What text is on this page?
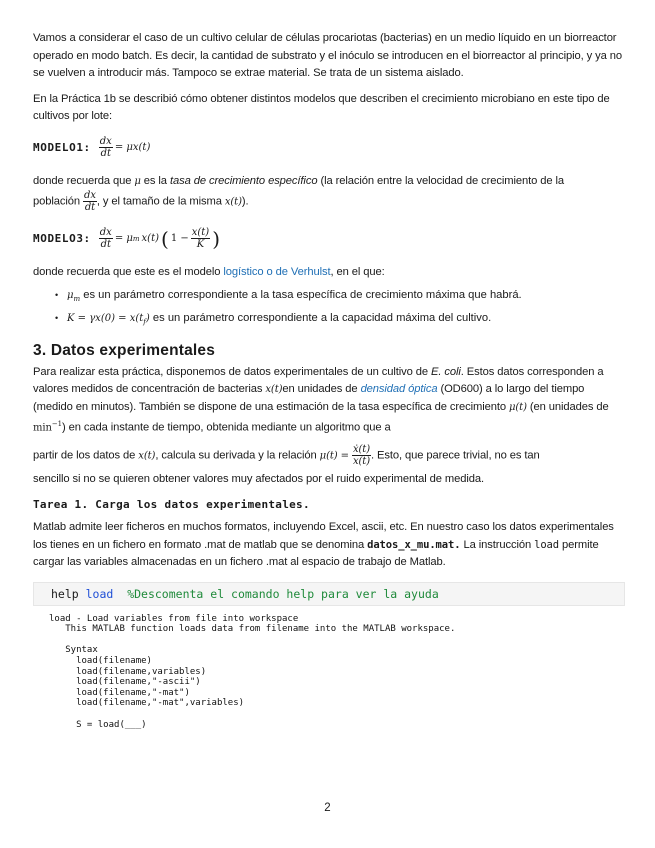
Vamos a considerar el caso de un cultivo celular de células procariotas (bacterias) en un medio líquido en un biorreactor operado en modo batch. Es decir, la cantidad de substrato y el inóculo se introducen en el biorreactor al principio, y ya no se vuelven a introducir más. Tampoco se extrae material. Se trata de un sistema aislado.

En la Práctica 1b se describió cómo obtener distintos modelos que describen el crecimiento microbiano en este tipo de cultivos por lote:

MODELO1: $\frac{dx}{dt} = \mu x(t)$

donde recuerda que μ es la tasa de crecimiento específico (la relación entre la velocidad de crecimiento de la
población $\frac{dx}{dt}$ , y el tamaño de la misma x(t)).

MODELO3: $\frac{dx}{dt} = \mu$ m x(t) ( $1 - \frac{x(t)}{K}$ )

donde recuerda que este es el modelo logístico o de Verhulst, en el que:

• $\mu_m$ es un parámetro correspondiente a la tasa específica de crecimiento máxima que habrá.
• $K = \gamma x(0) = x(t_f)$ es un parámetro correspondiente a la capacidad máxima del cultivo.
3. Datos experimentales

Para realizar esta práctica, disponemos de datos experimentales de un cultivo de E. coli. Estos datos corresponden a valores medidos de concentración de bacterias x(t)en unidades de densidad óptica (OD600) a lo largo del tiempo (medido en minutos). También se dispone de una estimación de la tasa específica de crecimiento μ(t) (en unidades de $\min^{-1}$) en cada instante de tiempo, obtenida mediante un algoritmo que a

partir de los datos de x(t), calcula su derivada y la relación $\mu(t) = \frac{\text{ẋ(t)}}{x(t)}$ . Esto, que parece trivial, no es tan

sencillo si no se quieren obtener valores muy afectados por el ruido experimental de medida.

Tarea 1. Carga los datos experimentales.

Matlab admite leer ficheros en muchos formatos, incluyendo Excel, ascii, etc. En nuestro caso los datos experimentales los tienes en un fichero en formato .mat de matlab que se denomina datos_x_mu.mat. La instrucción load permite cargar las variables almacenadas en un fichero .mat al espacio de trabajo de Matlab.

help load
%Descomenta el comando help para ver la ayuda
load - Load variables from file into workspace
This MATLAB function loads data from filename into the MATLAB workspace.

Syntax
load(filename)
load(filename,variables)
load(filename,"-ascii")
load(filename,"-mat")
load(filename,"-mat",variables)

S = load(___)
2
